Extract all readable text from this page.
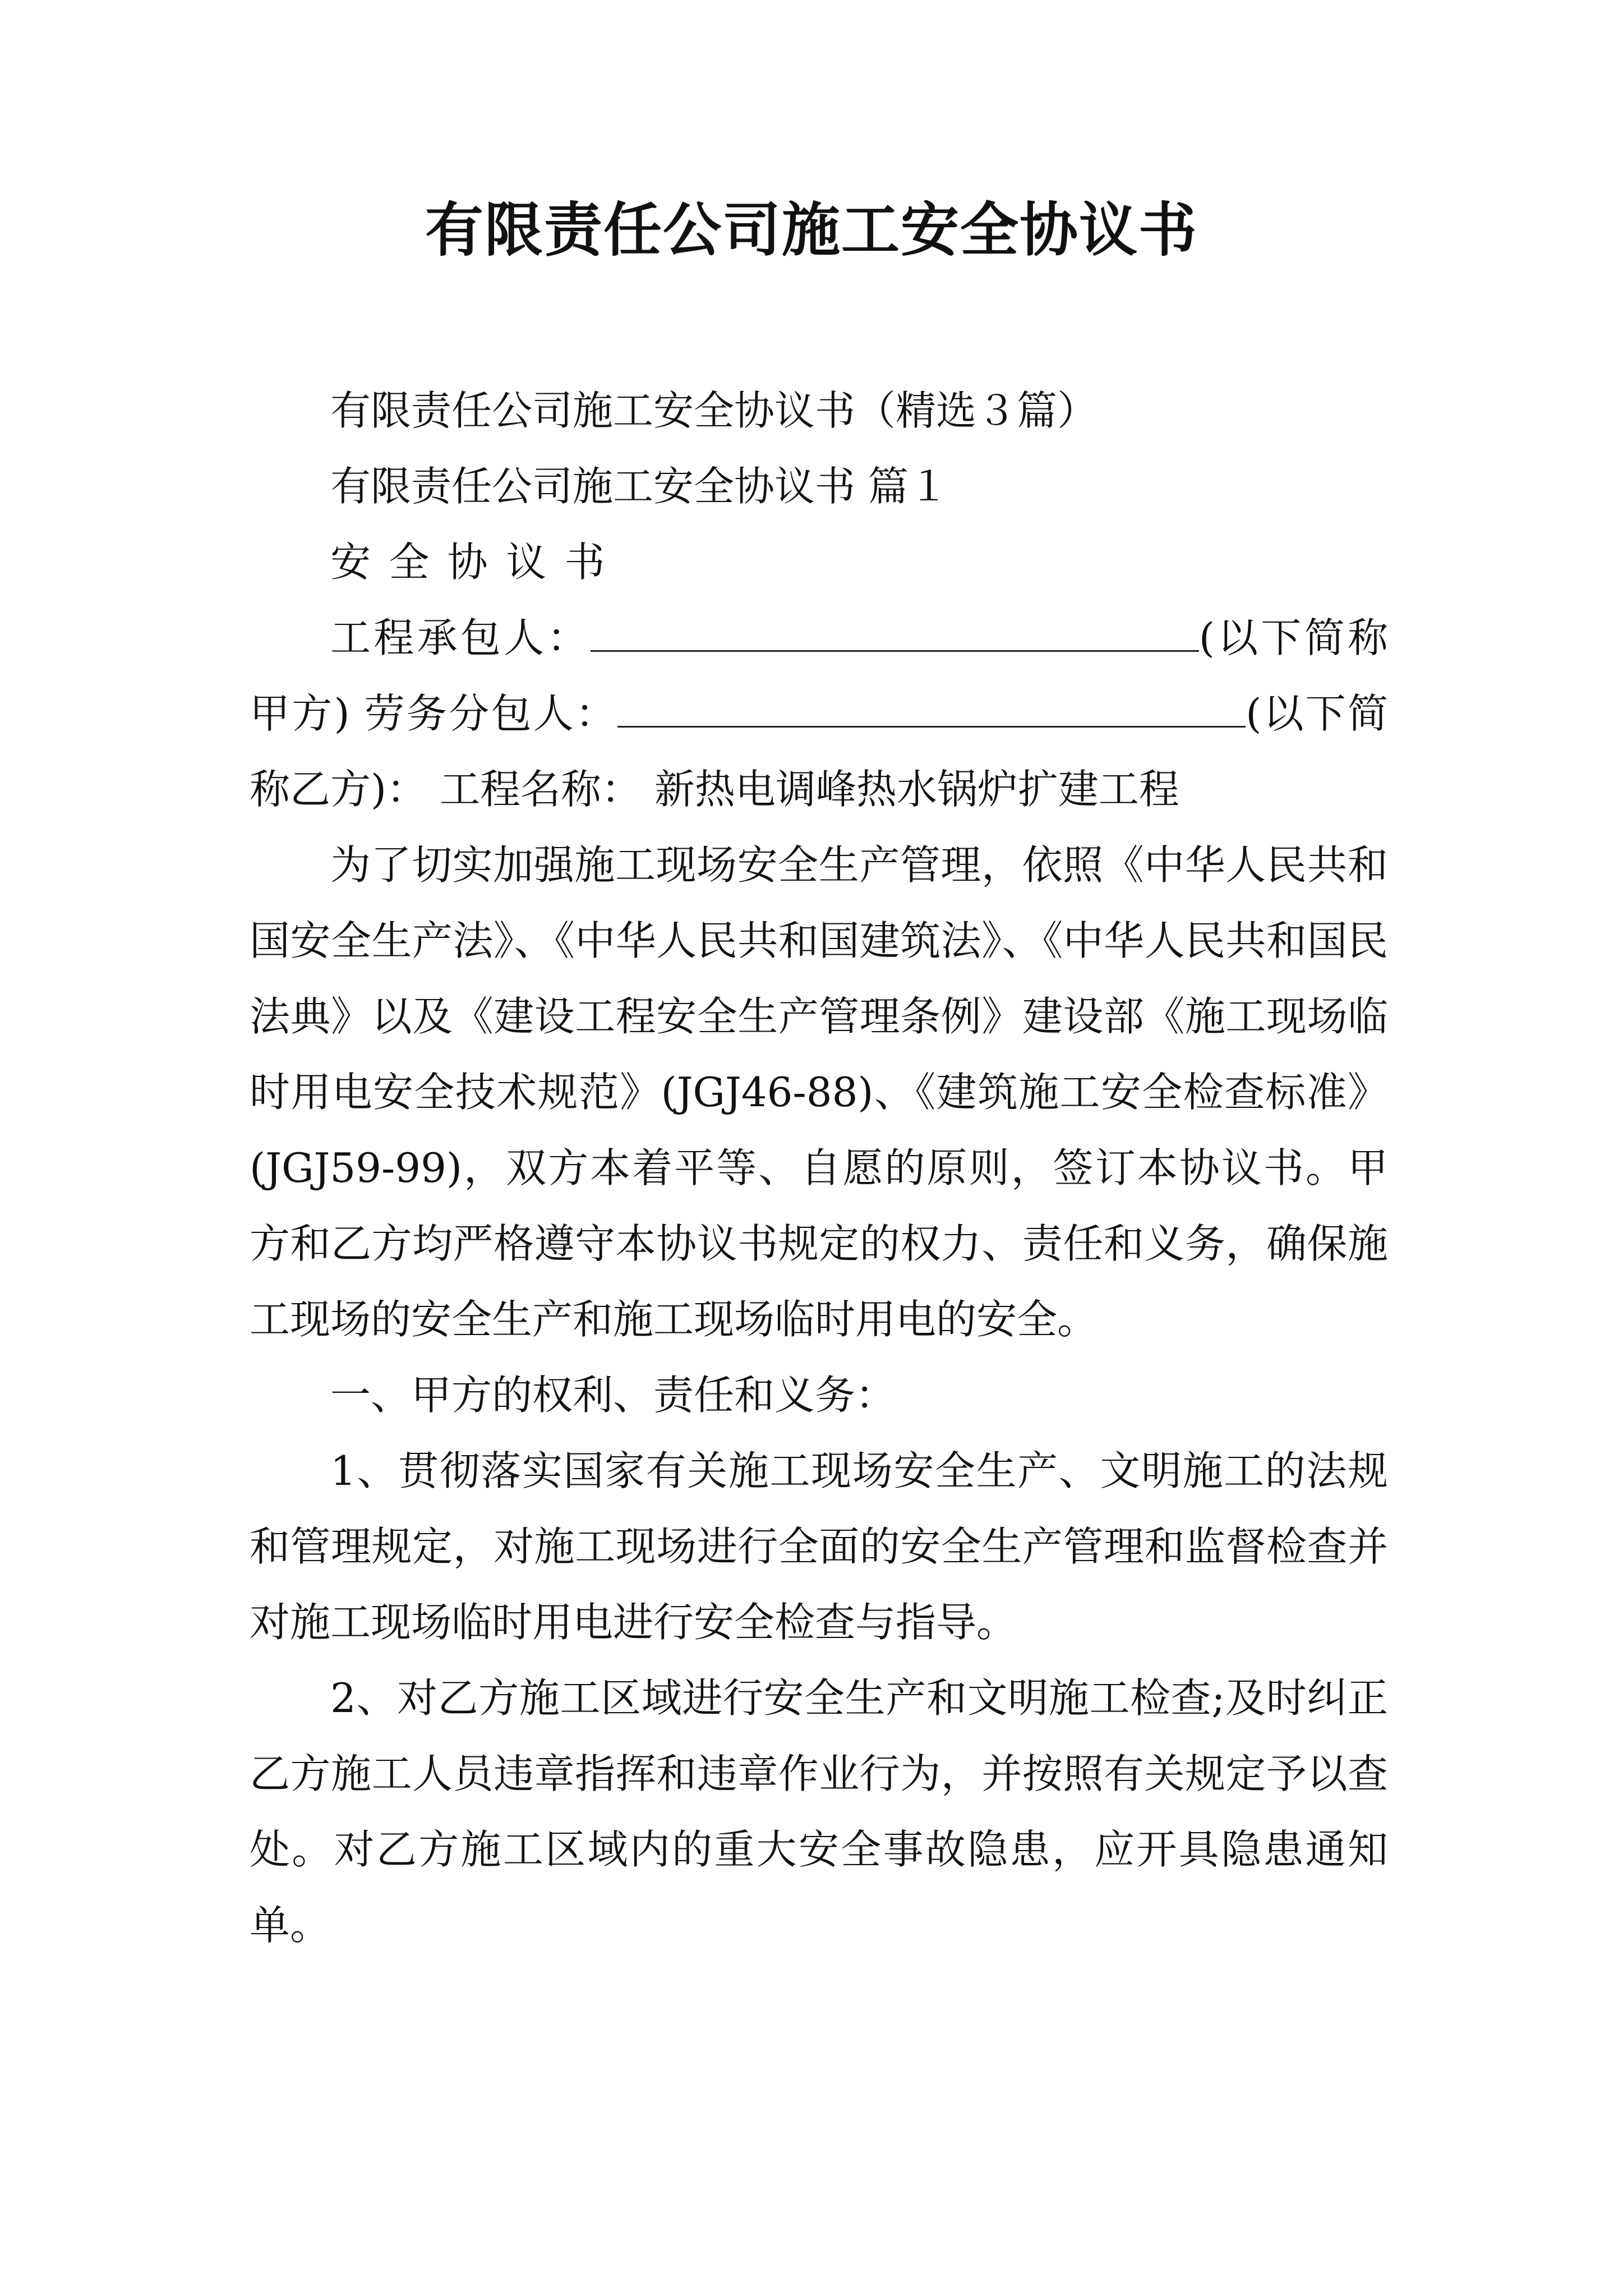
有限责任公司施工安全协议书

有限责任公司施工安全协议书（精选３篇）

有限责任公司施工安全协议书 篇１

安全协议书

工程承包人：	(以下简称甲方) 劳务分包人：	(以下简称乙方)： 工程名称： 新热电调峰热水锅炉扩建工程

为了切实加强施工现场安全生产管理，依照《中华人民共和国安全生产法》、《中华人民共和国建筑法》、《中华人民共和国民法典》以及《建设工程安全生产管理条例》建设部《施工现场临时用电安全技术规范》(JGJ46-88)、《建筑施工安全检查标准》(JGJ59-99)，双方本着平等、自愿的原则，签订本协议书。甲方和乙方均严格遵守本协议书规定的权力、责任和义务，确保施工现场的安全生产和施工现场临时用电的安全。

一、甲方的权利、责任和义务：

1、贯彻落实国家有关施工现场安全生产、文明施工的法规和管理规定，对施工现场进行全面的安全生产管理和监督检查并对施工现场临时用电进行安全检查与指导。

2、对乙方施工区域进行安全生产和文明施工检查;及时纠正乙方施工人员违章指挥和违章作业行为，并按照有关规定予以查处。对乙方施工区域内的重大安全事故隐患，应开具隐患通知单。
